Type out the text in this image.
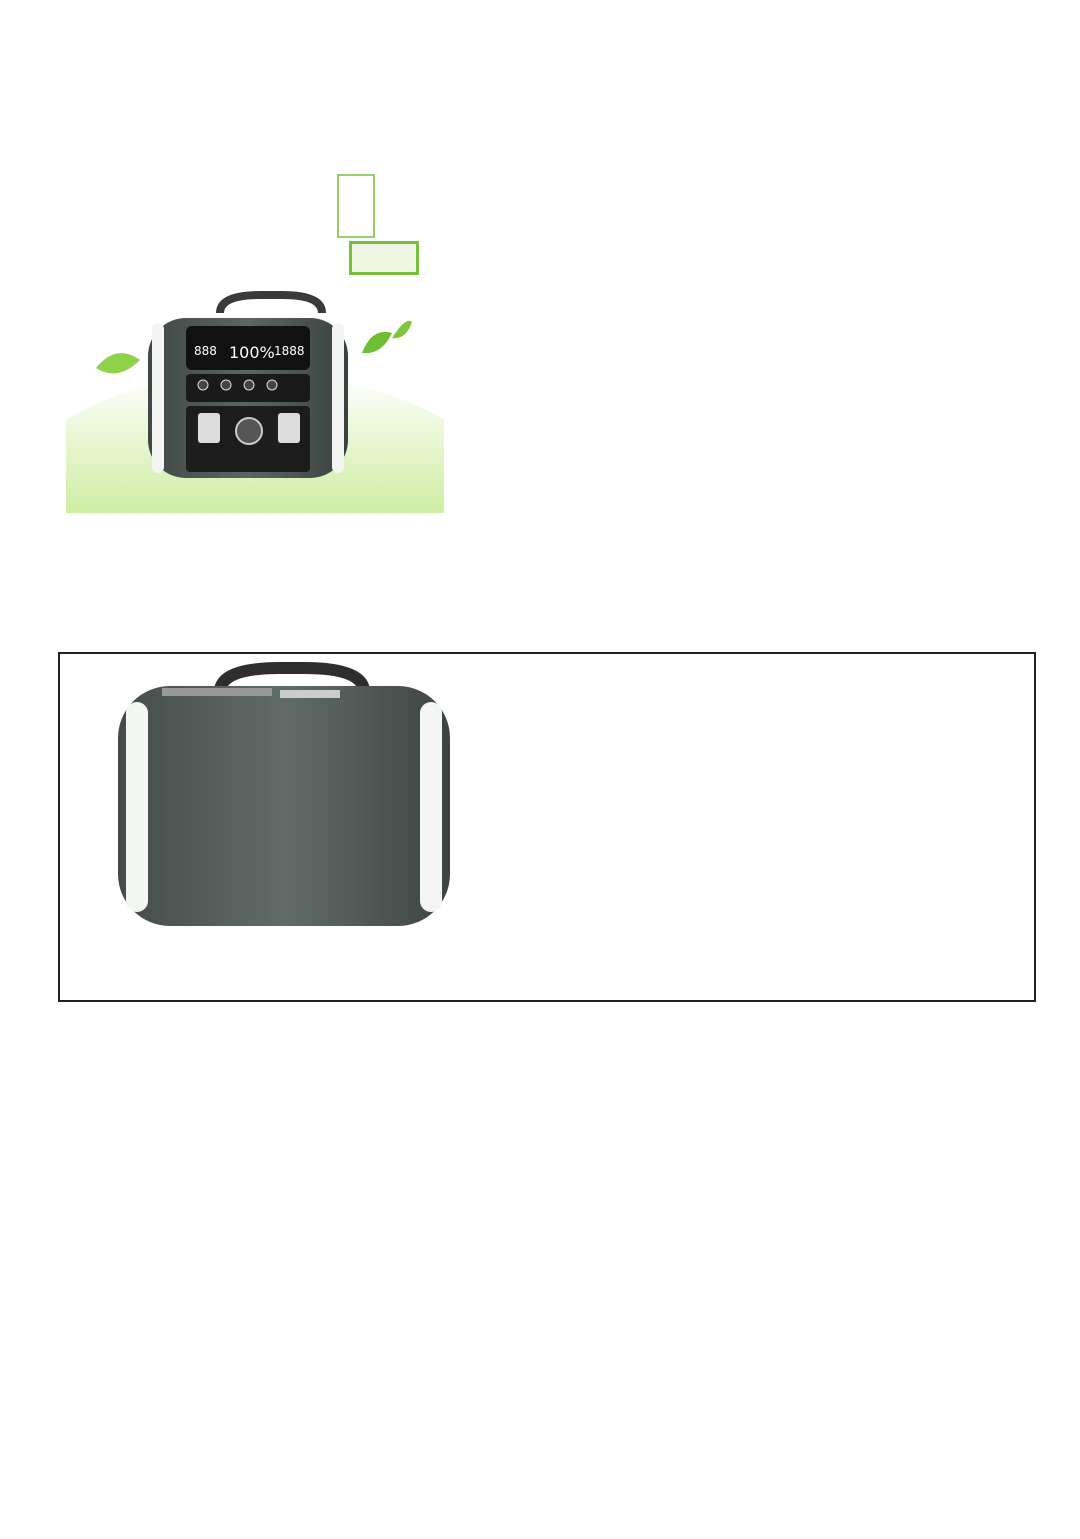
888 100% 1888
